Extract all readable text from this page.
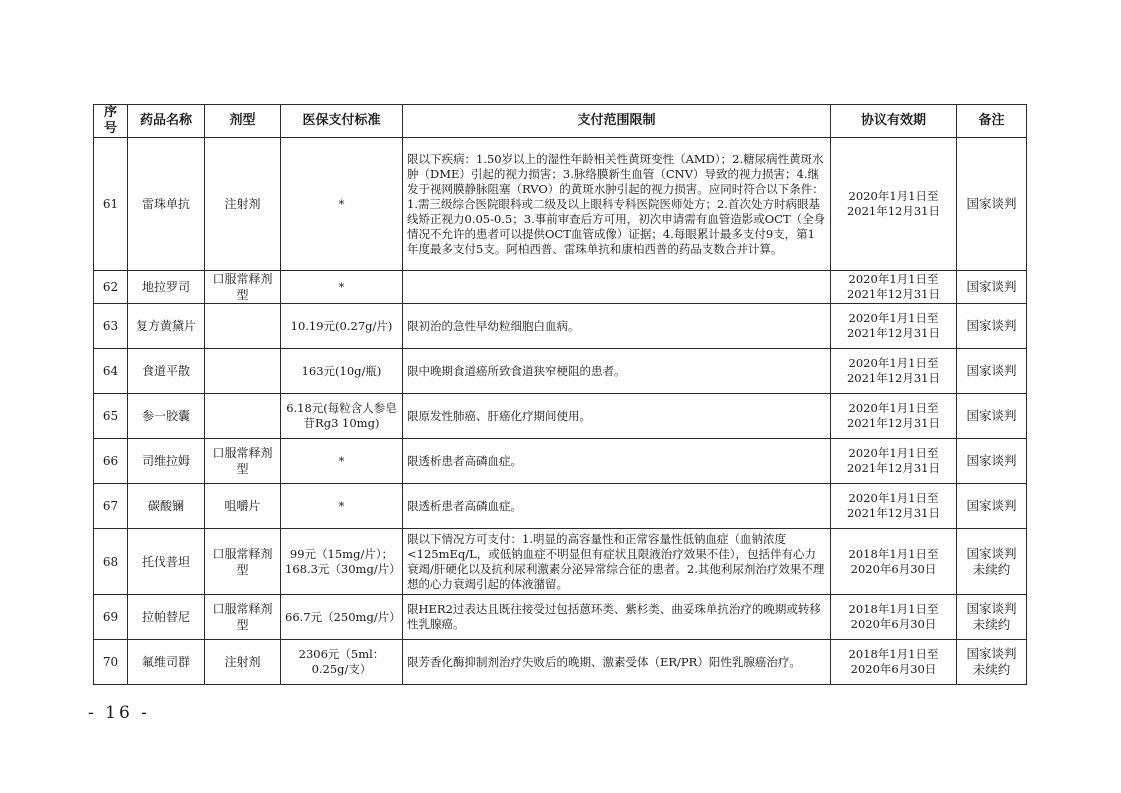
序号	药品名称	剂型	医保支付标准	支付范围限制	协议有效期	备注
61	雷珠单抗	注射剂	*	限以下疾病：1.50岁以上的湿性年龄相关性黄斑变性（AMD）；2.糖尿病性黄斑水肿（DME）引起的视力损害；3.脉络膜新生血管（CNV）导致的视力损害；4.继发于视网膜静脉阻塞（RVO）的黄斑水肿引起的视力损害。应同时符合以下条件：1.需三级综合医院眼科或二级及以上眼科专科医院医师处方；2.首次处方时病眼基线矫正视力0.05-0.5；3.事前审查后方可用，初次申请需有血管造影或OCT（全身情况不允许的患者可以提供OCT血管成像）证据；4.每眼累计最多支付9支，第1年度最多支付5支。阿柏西普、雷珠单抗和康柏西普的药品支数合并计算。	2020年1月1日至
2021年12月31日	国家谈判
62	地拉罗司	口服常释剂型	*		2020年1月1日至
2021年12月31日	国家谈判
63	复方黄黛片		10.19元(0.27g/片)	限初治的急性早幼粒细胞白血病。	2020年1月1日至
2021年12月31日	国家谈判
64	食道平散		163元(10g/瓶)	限中晚期食道癌所致食道狭窄梗阻的患者。	2020年1月1日至
2021年12月31日	国家谈判
65	参一胶囊		6.18元(每粒含人参皂苷Rg3 10mg)	限原发性肺癌、肝癌化疗期间使用。	2020年1月1日至
2021年12月31日	国家谈判
66	司维拉姆	口服常释剂型	*	限透析患者高磷血症。	2020年1月1日至
2021年12月31日	国家谈判
67	碳酸镧	咀嚼片	*	限透析患者高磷血症。	2020年1月1日至
2021年12月31日	国家谈判
68	托伐普坦	口服常释剂型	99元（15mg/片）；168.3元（30mg/片）	限以下情况方可支付：1.明显的高容量性和正常容量性低钠血症（血钠浓度<125mEq/L，或低钠血症不明显但有症状且限液治疗效果不佳），包括伴有心力衰竭/肝硬化以及抗利尿利激素分泌异常综合征的患者。2.其他利尿剂治疗效果不理想的心力衰竭引起的体液潴留。	2018年1月1日至
2020年6月30日	国家谈判未续约
69	拉帕替尼	口服常释剂型	66.7元（250mg/片）	限HER2过表达且既往接受过包括蒽环类、紫杉类、曲妥珠单抗治疗的晚期或转移性乳腺癌。	2018年1月1日至
2020年6月30日	国家谈判未续约
70	氟维司群	注射剂	2306元（5ml：0.25g/支）	限芳香化酶抑制剂治疗失败后的晚期、激素受体（ER/PR）阳性乳腺癌治疗。	2018年1月1日至
2020年6月30日	国家谈判未续约
- 16 -
